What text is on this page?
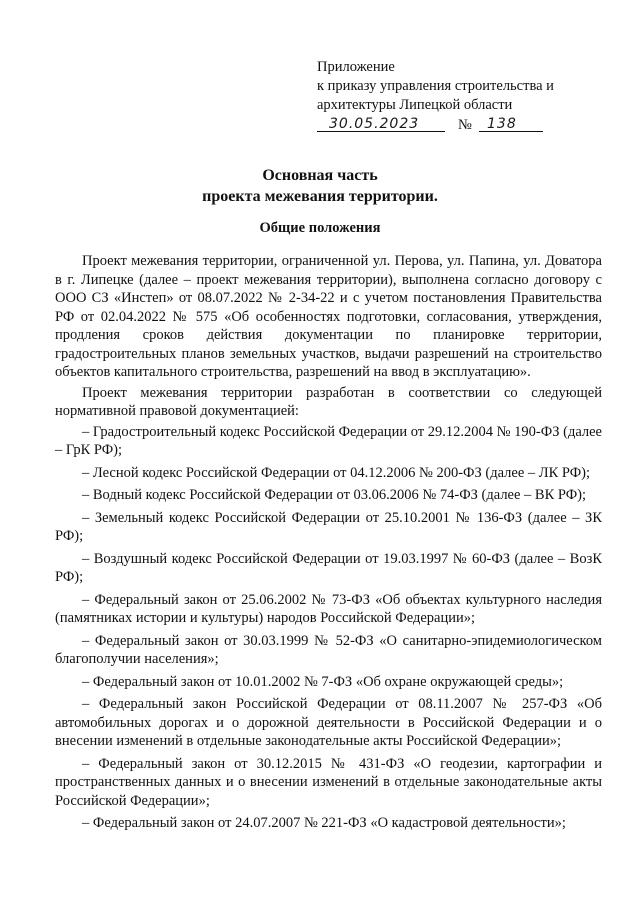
Приложение
к приказу управления строительства и
архитектуры Липецкой области
30.05.2023	№ 138
Основная часть
проекта межевания территории.
Общие положения

Проект межевания территории, ограниченной ул. Перова, ул. Папина, ул. Доватора в г. Липецке (далее – проект межевания территории), выполнена согласно договору с ООО СЗ «Инстеп» от 08.07.2022 № 2-34-22 и с учетом постановления Правительства РФ от 02.04.2022 № 575 «Об особенностях подготовки, согласования, утверждения, продления сроков действия документации по планировке территории, градостроительных планов земельных участков, выдачи разрешений на строительство объектов капитального строительства, разрешений на ввод в эксплуатацию».

Проект межевания территории разработан в соответствии со следующей нормативной правовой документацией:

– Градостроительный кодекс Российской Федерации от 29.12.2004 № 190-ФЗ (далее – ГрК РФ);

– Лесной кодекс Российской Федерации от 04.12.2006 № 200-ФЗ (далее – ЛК РФ);

– Водный кодекс Российской Федерации от 03.06.2006 № 74-ФЗ (далее – ВК РФ);

– Земельный кодекс Российской Федерации от 25.10.2001 № 136-ФЗ (далее – ЗК РФ);

– Воздушный кодекс Российской Федерации от 19.03.1997 № 60-ФЗ (далее – ВозК РФ);

– Федеральный закон от 25.06.2002 № 73-ФЗ «Об объектах культурного наследия (памятниках истории и культуры) народов Российской Федерации»;

– Федеральный закон от 30.03.1999 № 52-ФЗ «О санитарно-эпидемиологическом благополучии населения»;

– Федеральный закон от 10.01.2002 № 7-ФЗ «Об охране окружающей среды»;

– Федеральный закон Российской Федерации от 08.11.2007 № 257-ФЗ «Об автомобильных дорогах и о дорожной деятельности в Российской Федерации и о внесении изменений в отдельные законодательные акты Российской Федерации»;

– Федеральный закон от 30.12.2015 № 431-ФЗ «О геодезии, картографии и пространственных данных и о внесении изменений в отдельные законодательные акты Российской Федерации»;

– Федеральный закон от 24.07.2007 № 221-ФЗ «О кадастровой деятельности»;
